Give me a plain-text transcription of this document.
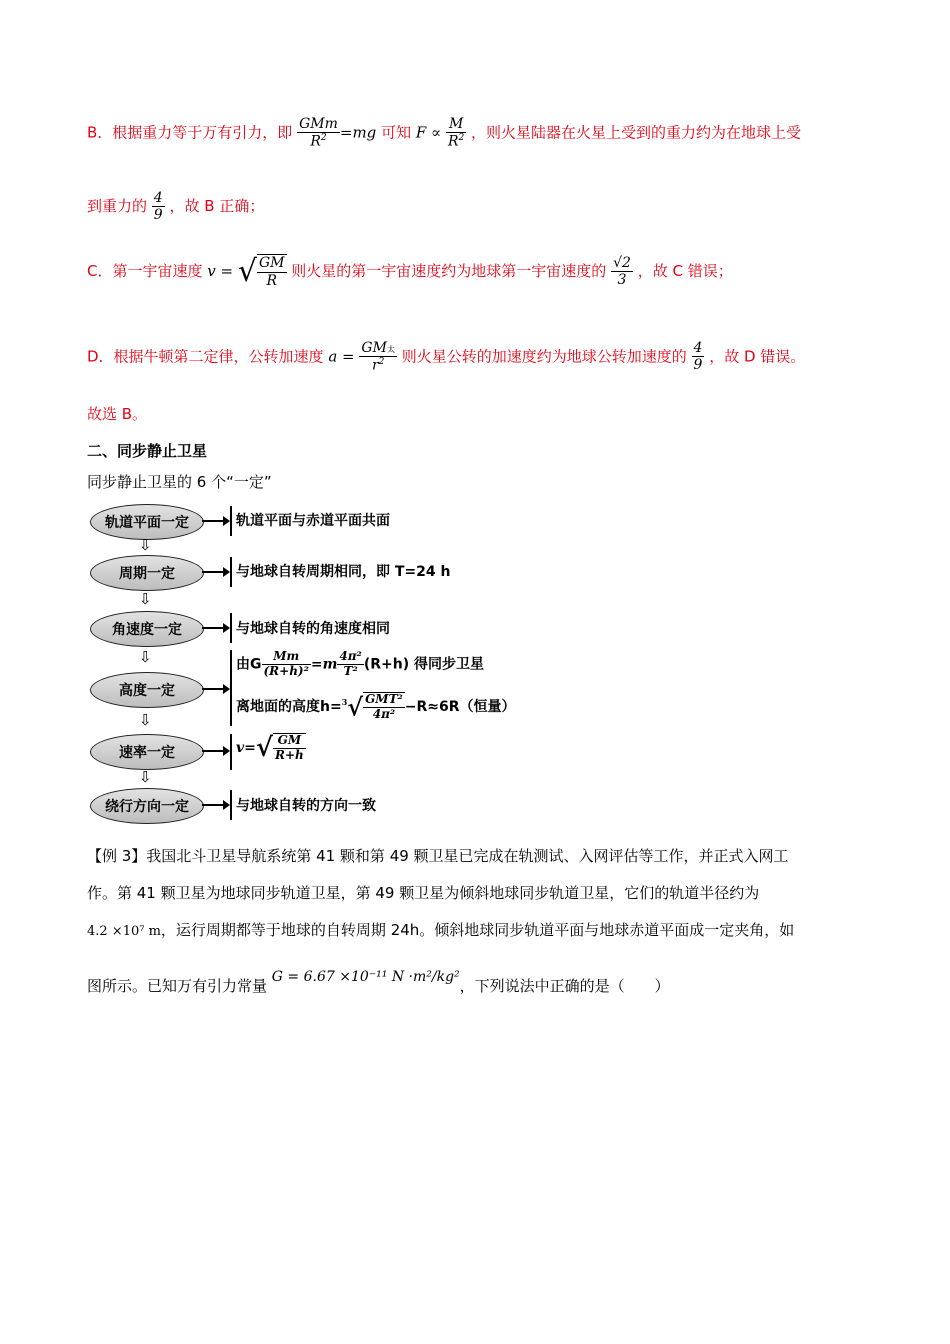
B．根据重力等于万有引力，即 $\frac{\text{GMm}}{R^2} =mg$ 可知 $F \propto \frac{M}{R^2}$ ，则火星陆器在火星上受到的重力约为在地球上受
到重力的 $\frac{4}{9}$ ，故 B 正确；
C．第一宇宙速度 v = √ $\frac{GM}{R}$ 则火星的第一宇宙速度约为地球第一宇宙速度的 $\frac{√2}{3}$ ，故 C 错误；
D．根据牛顿第二定律，公转加速度 $a = \frac{\text{GM太}}{r^2}$ 则火星公转的加速度约为地球公转加速度的 $\frac{4}{9}$ ，故 D 错误。
故选 B。
二、同步静止卫星
同步静止卫星的 6 个“一定”
轨道平面一定	轨道平面与赤道平面共面
⇩
周期一定	与地球自转周期相同，即 T=24 h
⇩
角速度一定	与地球自转的角速度相同
⇩
高度一定
由G $\frac{Mm}{\text{(R+h)²}} =m \frac{\text{4π²}}{\text{T²}} (R+h)$ 得同步卫星
离地面的高度$h=^3√ \frac{\text{GMT²}}{\text{4π²}} -R\approx 6R$（恒量）
⇩
速率一定	$v=√ \frac{GM}{R+h}$
⇩
绕行方向一定	与地球自转的方向一致
【例 3】我国北斗卫星导航系统第 41 颗和第 49 颗卫星已完成在轨测试、入网评估等工作，并正式入网工
作。第 41 颗卫星为地球同步轨道卫星，第 49 颗卫星为倾斜地球同步轨道卫星，它们的轨道半径约为
4.2 ×10⁷ m，运行周期都等于地球的自转周期 24h。倾斜地球同步轨道平面与地球赤道平面成一定夹角，如
图所示。已知万有引力常量 G = 6.67 ×10⁻¹¹ N ·m²/kg²，下列说法中正确的是（　　）
